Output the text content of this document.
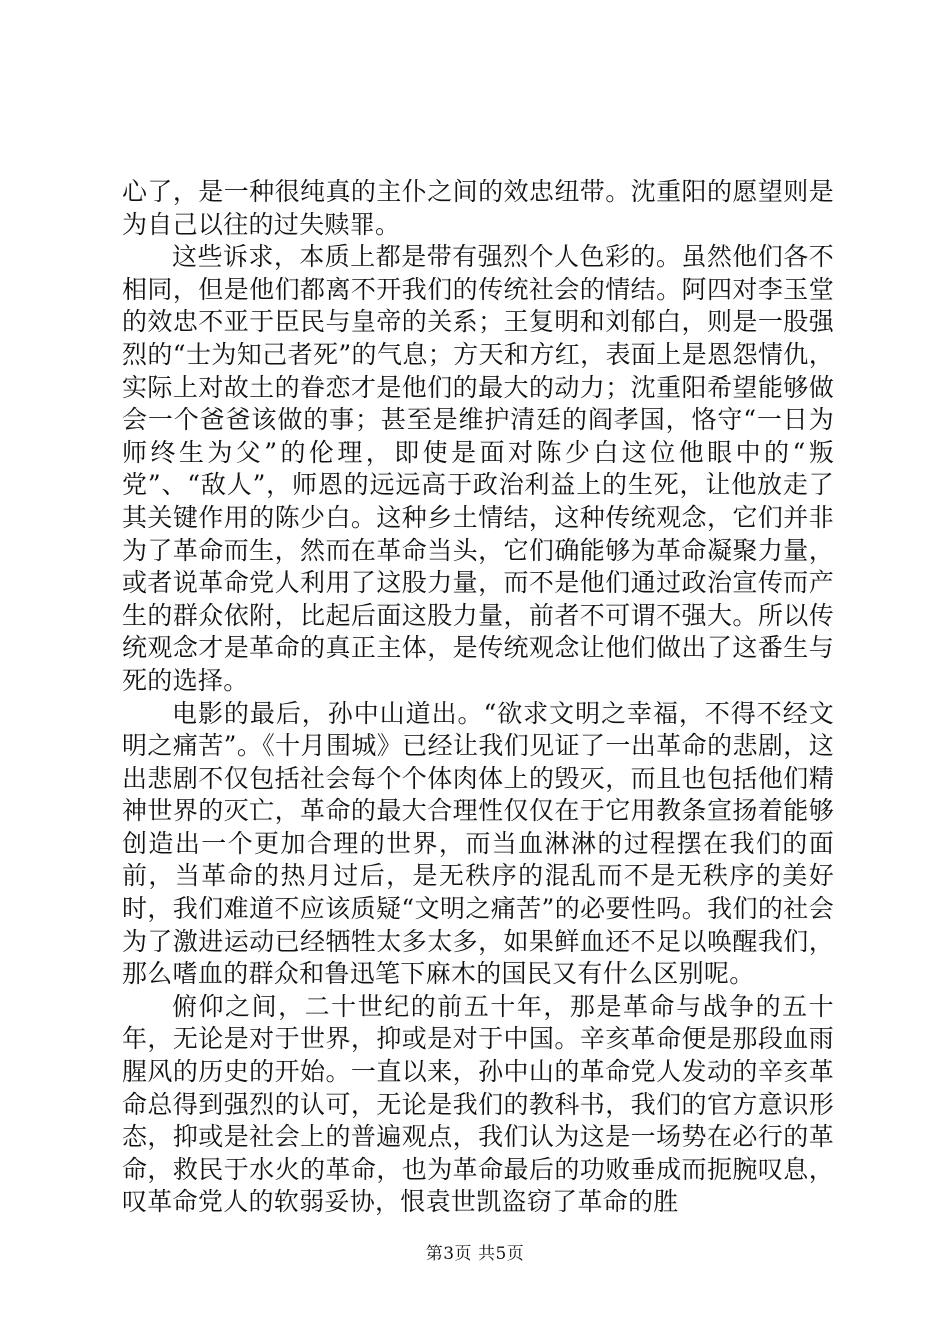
心了，是一种很纯真的主仆之间的效忠纽带。沈重阳的愿望则是为自己以往的过失赎罪。

这些诉求，本质上都是带有强烈个人色彩的。虽然他们各不相同，但是他们都离不开我们的传统社会的情结。阿四对李玉堂的效忠不亚于臣民与皇帝的关系；王复明和刘郁白，则是一股强烈的“士为知己者死”的气息；方天和方红，表面上是恩怨情仇，实际上对故土的眷恋才是他们的最大的动力；沈重阳希望能够做会一个爸爸该做的事；甚至是维护清廷的阎孝国，恪守“一日为师终生为父”的伦理，即使是面对陈少白这位他眼中的“叛党”、“敌人”，师恩的远远高于政治利益上的生死，让他放走了其关键作用的陈少白。这种乡土情结，这种传统观念，它们并非为了革命而生，然而在革命当头，它们确能够为革命凝聚力量，或者说革命党人利用了这股力量，而不是他们通过政治宣传而产生的群众依附，比起后面这股力量，前者不可谓不强大。所以传统观念才是革命的真正主体，是传统观念让他们做出了这番生与死的选择。

电影的最后，孙中山道出。“欲求文明之幸福，不得不经文明之痛苦”。《十月围城》已经让我们见证了一出革命的悲剧，这出悲剧不仅包括社会每个个体肉体上的毁灭，而且也包括他们精神世界的灭亡，革命的最大合理性仅仅在于它用教条宣扬着能够创造出一个更加合理的世界，而当血淋淋的过程摆在我们的面前，当革命的热月过后，是无秩序的混乱而不是无秩序的美好时，我们难道不应该质疑“文明之痛苦”的必要性吗。我们的社会为了激进运动已经牺牲太多太多，如果鲜血还不足以唤醒我们，那么嗜血的群众和鲁迅笔下麻木的国民又有什么区别呢。

俯仰之间，二十世纪的前五十年，那是革命与战争的五十年，无论是对于世界，抑或是对于中国。辛亥革命便是那段血雨腥风的历史的开始。一直以来，孙中山的革命党人发动的辛亥革命总得到强烈的认可，无论是我们的教科书，我们的官方意识形态，抑或是社会上的普遍观点，我们认为这是一场势在必行的革命，救民于水火的革命，也为革命最后的功败垂成而扼腕叹息，叹革命党人的软弱妥协，恨袁世凯盗窃了革命的胜

第3页 共5页
